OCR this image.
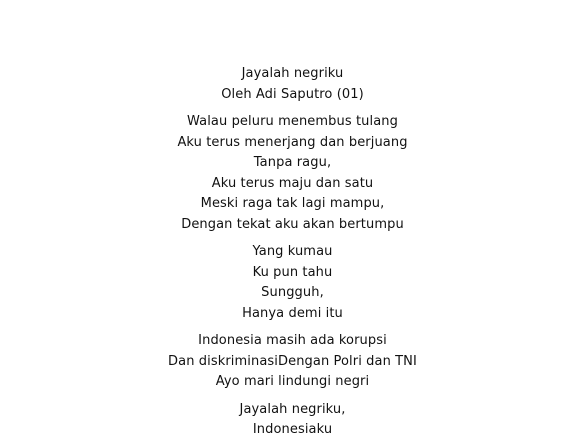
Jayalah negriku
Oleh Adi Saputro (01)
Walau peluru menembus tulang
Aku terus menerjang dan berjuang
Tanpa ragu,
Aku terus maju dan satu
Meski raga tak lagi mampu,
Dengan tekat aku akan bertumpu
Yang kumau
Ku pun tahu
Sungguh,
Hanya demi itu
Indonesia masih ada korupsi
Dan diskriminasiDengan Polri dan TNI
Ayo mari lindungi negri
Jayalah negriku,
Indonesiaku
